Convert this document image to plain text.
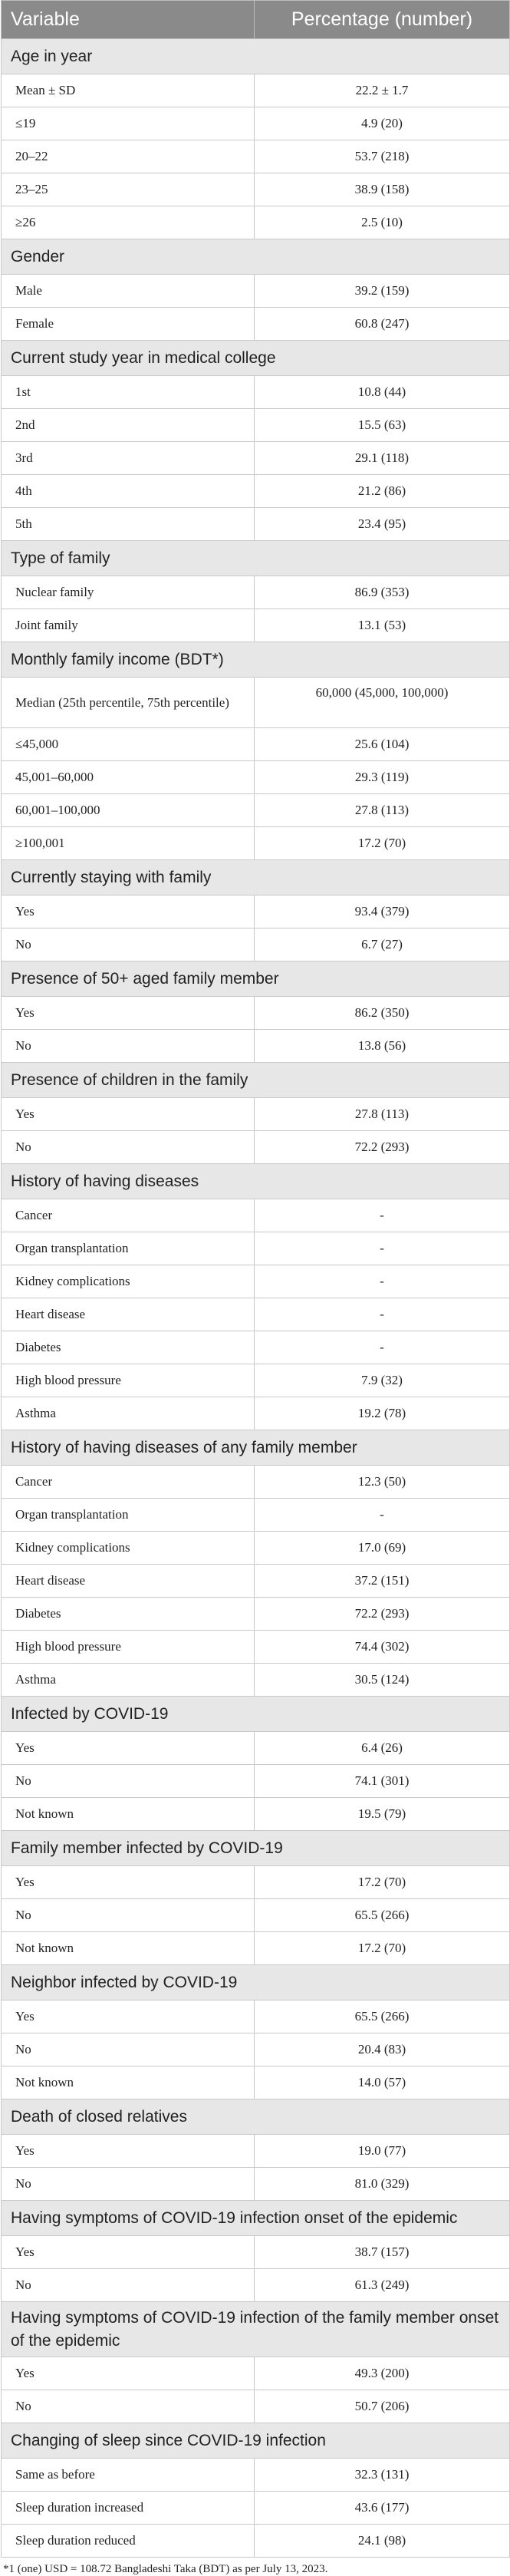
Variable	Percentage (number)
Age in year	
Mean ± SD	22.2 ± 1.7
≤19	4.9 (20)
20–22	53.7 (218)
23–25	38.9 (158)
≥26	2.5 (10)
Gender	
Male	39.2 (159)
Female	60.8 (247)
Current study year in medical college	
1st	10.8 (44)
2nd	15.5 (63)
3rd	29.1 (118)
4th	21.2 (86)
5th	23.4 (95)
Type of family	
Nuclear family	86.9 (353)
Joint family	13.1 (53)
Monthly family income (BDT*)	
Median (25th percentile, 75th percentile)	60,000 (45,000, 100,000)
≤45,000	25.6 (104)
45,001–60,000	29.3 (119)
60,001–100,000	27.8 (113)
≥100,001	17.2 (70)
Currently staying with family	
Yes	93.4 (379)
No	6.7 (27)
Presence of 50+ aged family member	
Yes	86.2 (350)
No	13.8 (56)
Presence of children in the family	
Yes	27.8 (113)
No	72.2 (293)
History of having diseases	
Cancer	-
Organ transplantation	-
Kidney complications	-
Heart disease	-
Diabetes	-
High blood pressure	7.9 (32)
Asthma	19.2 (78)
History of having diseases of any family member	
Cancer	12.3 (50)
Organ transplantation	-
Kidney complications	17.0 (69)
Heart disease	37.2 (151)
Diabetes	72.2 (293)
High blood pressure	74.4 (302)
Asthma	30.5 (124)
Infected by COVID-19	
Yes	6.4 (26)
No	74.1 (301)
Not known	19.5 (79)
Family member infected by COVID-19	
Yes	17.2 (70)
No	65.5 (266)
Not known	17.2 (70)
Neighbor infected by COVID-19	
Yes	65.5 (266)
No	20.4 (83)
Not known	14.0 (57)
Death of closed relatives	
Yes	19.0 (77)
No	81.0 (329)
Having symptoms of COVID-19 infection onset of the epidemic	
Yes	38.7 (157)
No	61.3 (249)
Having symptoms of COVID-19 infection of the family member onset of the epidemic	
Yes	49.3 (200)
No	50.7 (206)
Changing of sleep since COVID-19 infection	
Same as before	32.3 (131)
Sleep duration increased	43.6 (177)
Sleep duration reduced	24.1 (98)
*1 (one) USD = 108.72 Bangladeshi Taka (BDT) as per July 13, 2023.
